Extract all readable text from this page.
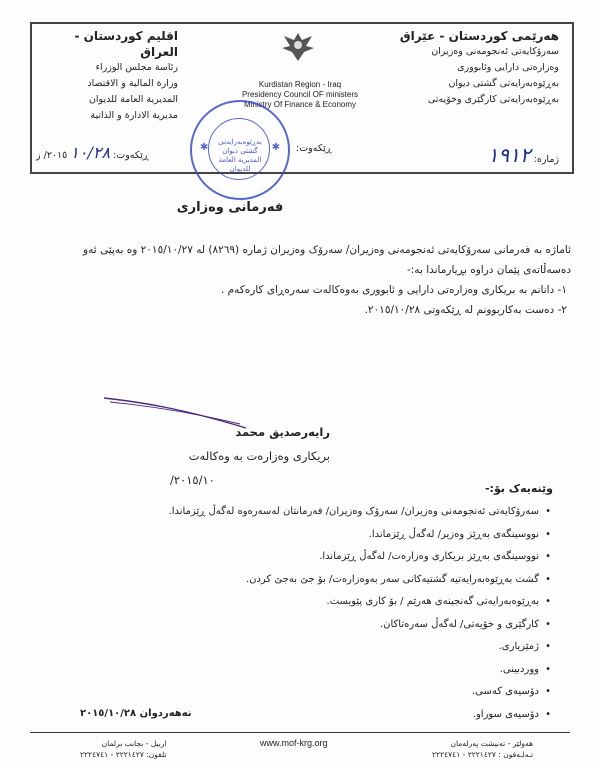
هەرێمی کوردستان - عێراق
سەرۆکایەتی ئەنجومەنی وەزیران
وەزارەتی دارایی وئابووری
بەڕێوەبەرایەتی گشتی دیوان
بەڕێوەبەرایەتی کارگێری وخۆیەتی
اقليم كوردستان - العراق
رئاسة مجلس الوزراء
وزارة المالية و الاقتصاد
المديرية العامة للديوان
مديرية الادارة و الذاتية
Kurdistan Region - Iraq
Presidency Council OF ministers
Ministry Of Finance & Economy
ژمارە: ١٩١٢
ڕێکەوت:
ڕێکەوت: ١٠/٢٨ ٢٠١٥/ ز
بەڕێوەبەرایەتی گشتی دیوان المديرية العامة للديوان
✱	✱
فەرمانی وەزاری

ئاماژە بە فەرمانی سەرۆکایەتی ئەنجومەنی وەزیران/ سەرۆک وەزیران ژمارە (٨٢٦٩) لە ٢٠١٥/١٠/٢٧ وە بەپێی ئەو دەسەڵاتەی پێمان دراوە بڕیارماندا بە:-

١- دانانم بە بریکاری وەزارەتی دارایی و ئابووری بەوەکالەت سەرەڕای کارەکەم .

٢- دەست بەکاربوونم لە ڕێکەوتی ٢٠١٥/١٠/٢٨.

رایەرصدیق محمد
بریکاری وەزارەت بە وەکالەت
٢٠١٥/١٠/
وێنەیەک بۆ:-
• سەرۆکایەتی ئەنجومەنی وەزیران/ سەرۆک وەزیران/ فەرمانتان لەسەرەوە لەگەڵ ڕێزماندا.
• نووسینگەی بەڕێز وەزیر/ لەگەڵ ڕێزماندا.
• نووسینگەی بەڕێز بریکاری وەزارەت/ لەگەڵ ڕێزماندا.
• گشت بەڕێوەبەرایەتیە گشتیەکانی سەر بەوەزارەت/ بۆ جێ بەجێ کردن.
• بەڕێوەبەرایەتی گەنجینەی هەرێم / بۆ کاری پێویست.
• کارگێری و خۆیەتی/ لەگەڵ سەرەتاکان.
• ژمێریاری.
• ووردبینی.
• دۆسیەی کەسی.
• دۆسیەی سوراو.
نەهەردوان ٢٠١٥/١٠/٢٨
اربيل - بجانب برلمان
تلفون: ٢٢٢١٤٢٧ - ٢٢٢٤٧٤١
www.mof-krg.org	هەولێر - تەنیشت پەرلەمان
تـەلـەفون : ٢٢٢١٤٢٧ - ٢٢٢٤٧٤١
